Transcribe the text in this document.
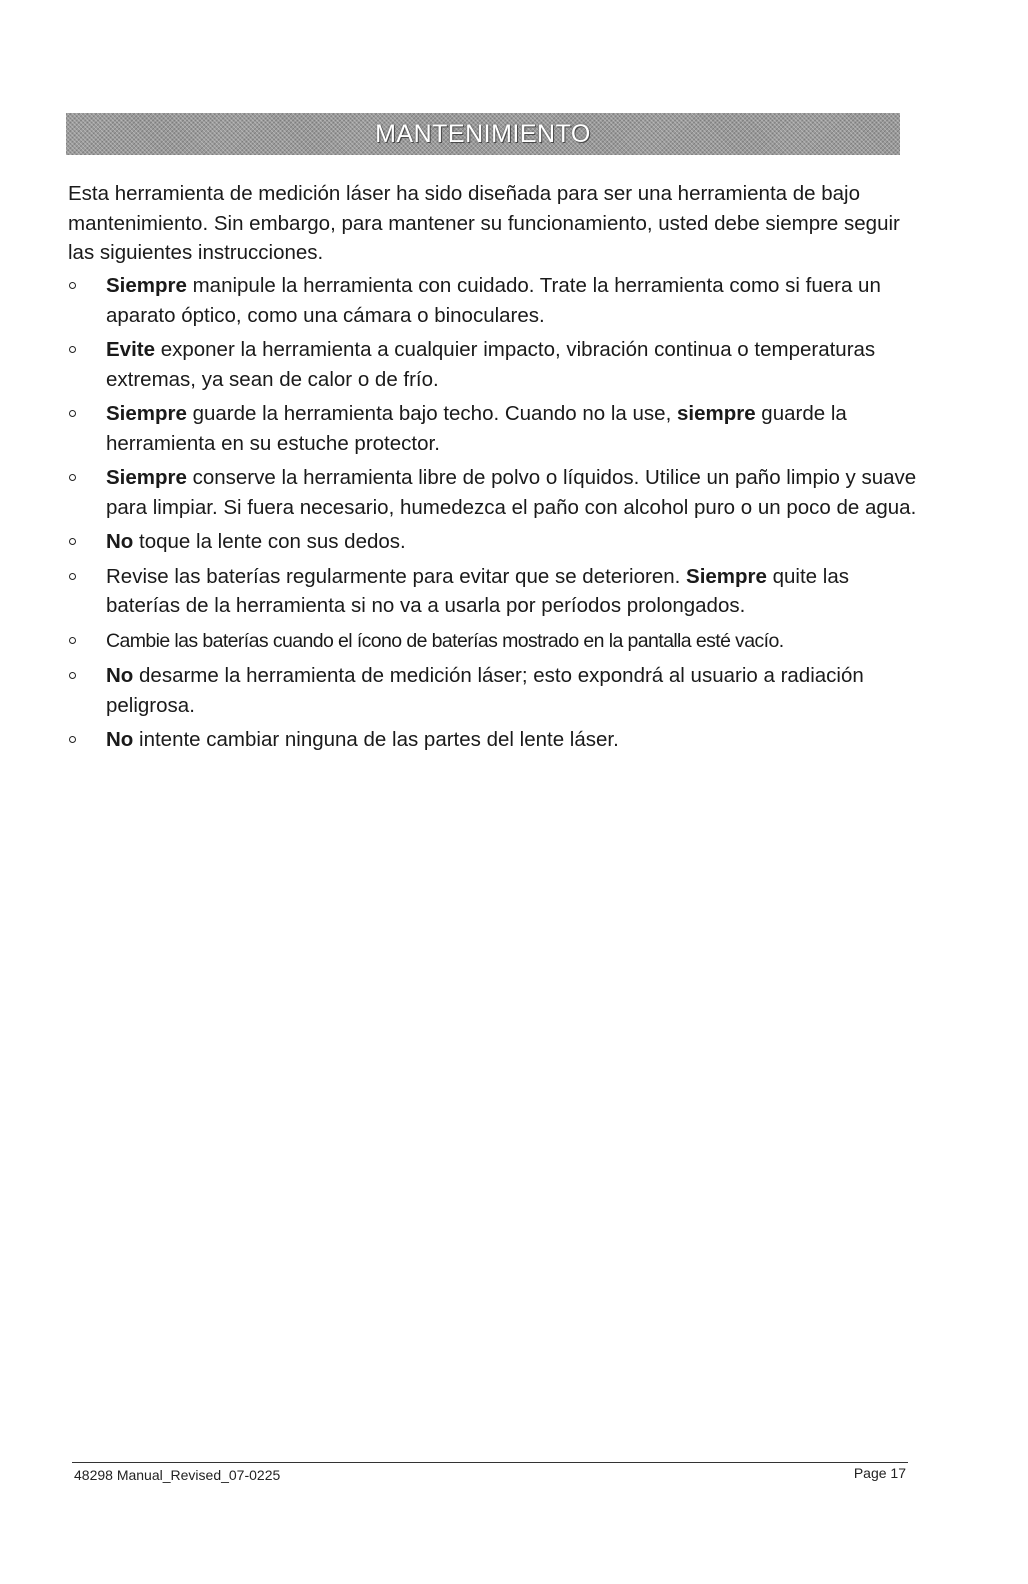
MANTENIMIENTO

Esta herramienta de medición láser ha sido diseñada para ser una herramienta de bajo mantenimiento. Sin embargo, para mantener su funcionamiento, usted debe siempre seguir las siguientes instrucciones.

Siempre manipule la herramienta con cuidado. Trate la herramienta como si fuera un aparato óptico, como una cámara o binoculares.
Evite exponer la herramienta a cualquier impacto, vibración continua o temperaturas extremas, ya sean de calor o de frío.
Siempre guarde la herramienta bajo techo. Cuando no la use, siempre guarde la herramienta en su estuche protector.
Siempre conserve la herramienta libre de polvo o líquidos. Utilice un paño limpio y suave para limpiar. Si fuera necesario, humedezca el paño con alcohol puro o un poco de agua.
No toque la lente con sus dedos.
Revise las baterías regularmente para evitar que se deterioren. Siempre quite las baterías de la herramienta si no va a usarla por períodos prolongados.
Cambie las baterías cuando el ícono de baterías mostrado en la pantalla esté vacío.
No desarme la herramienta de medición láser; esto expondrá al usuario a radiación peligrosa.
No intente cambiar ninguna de las partes del lente láser.
48298 Manual_Revised_07-0225	Page 17
